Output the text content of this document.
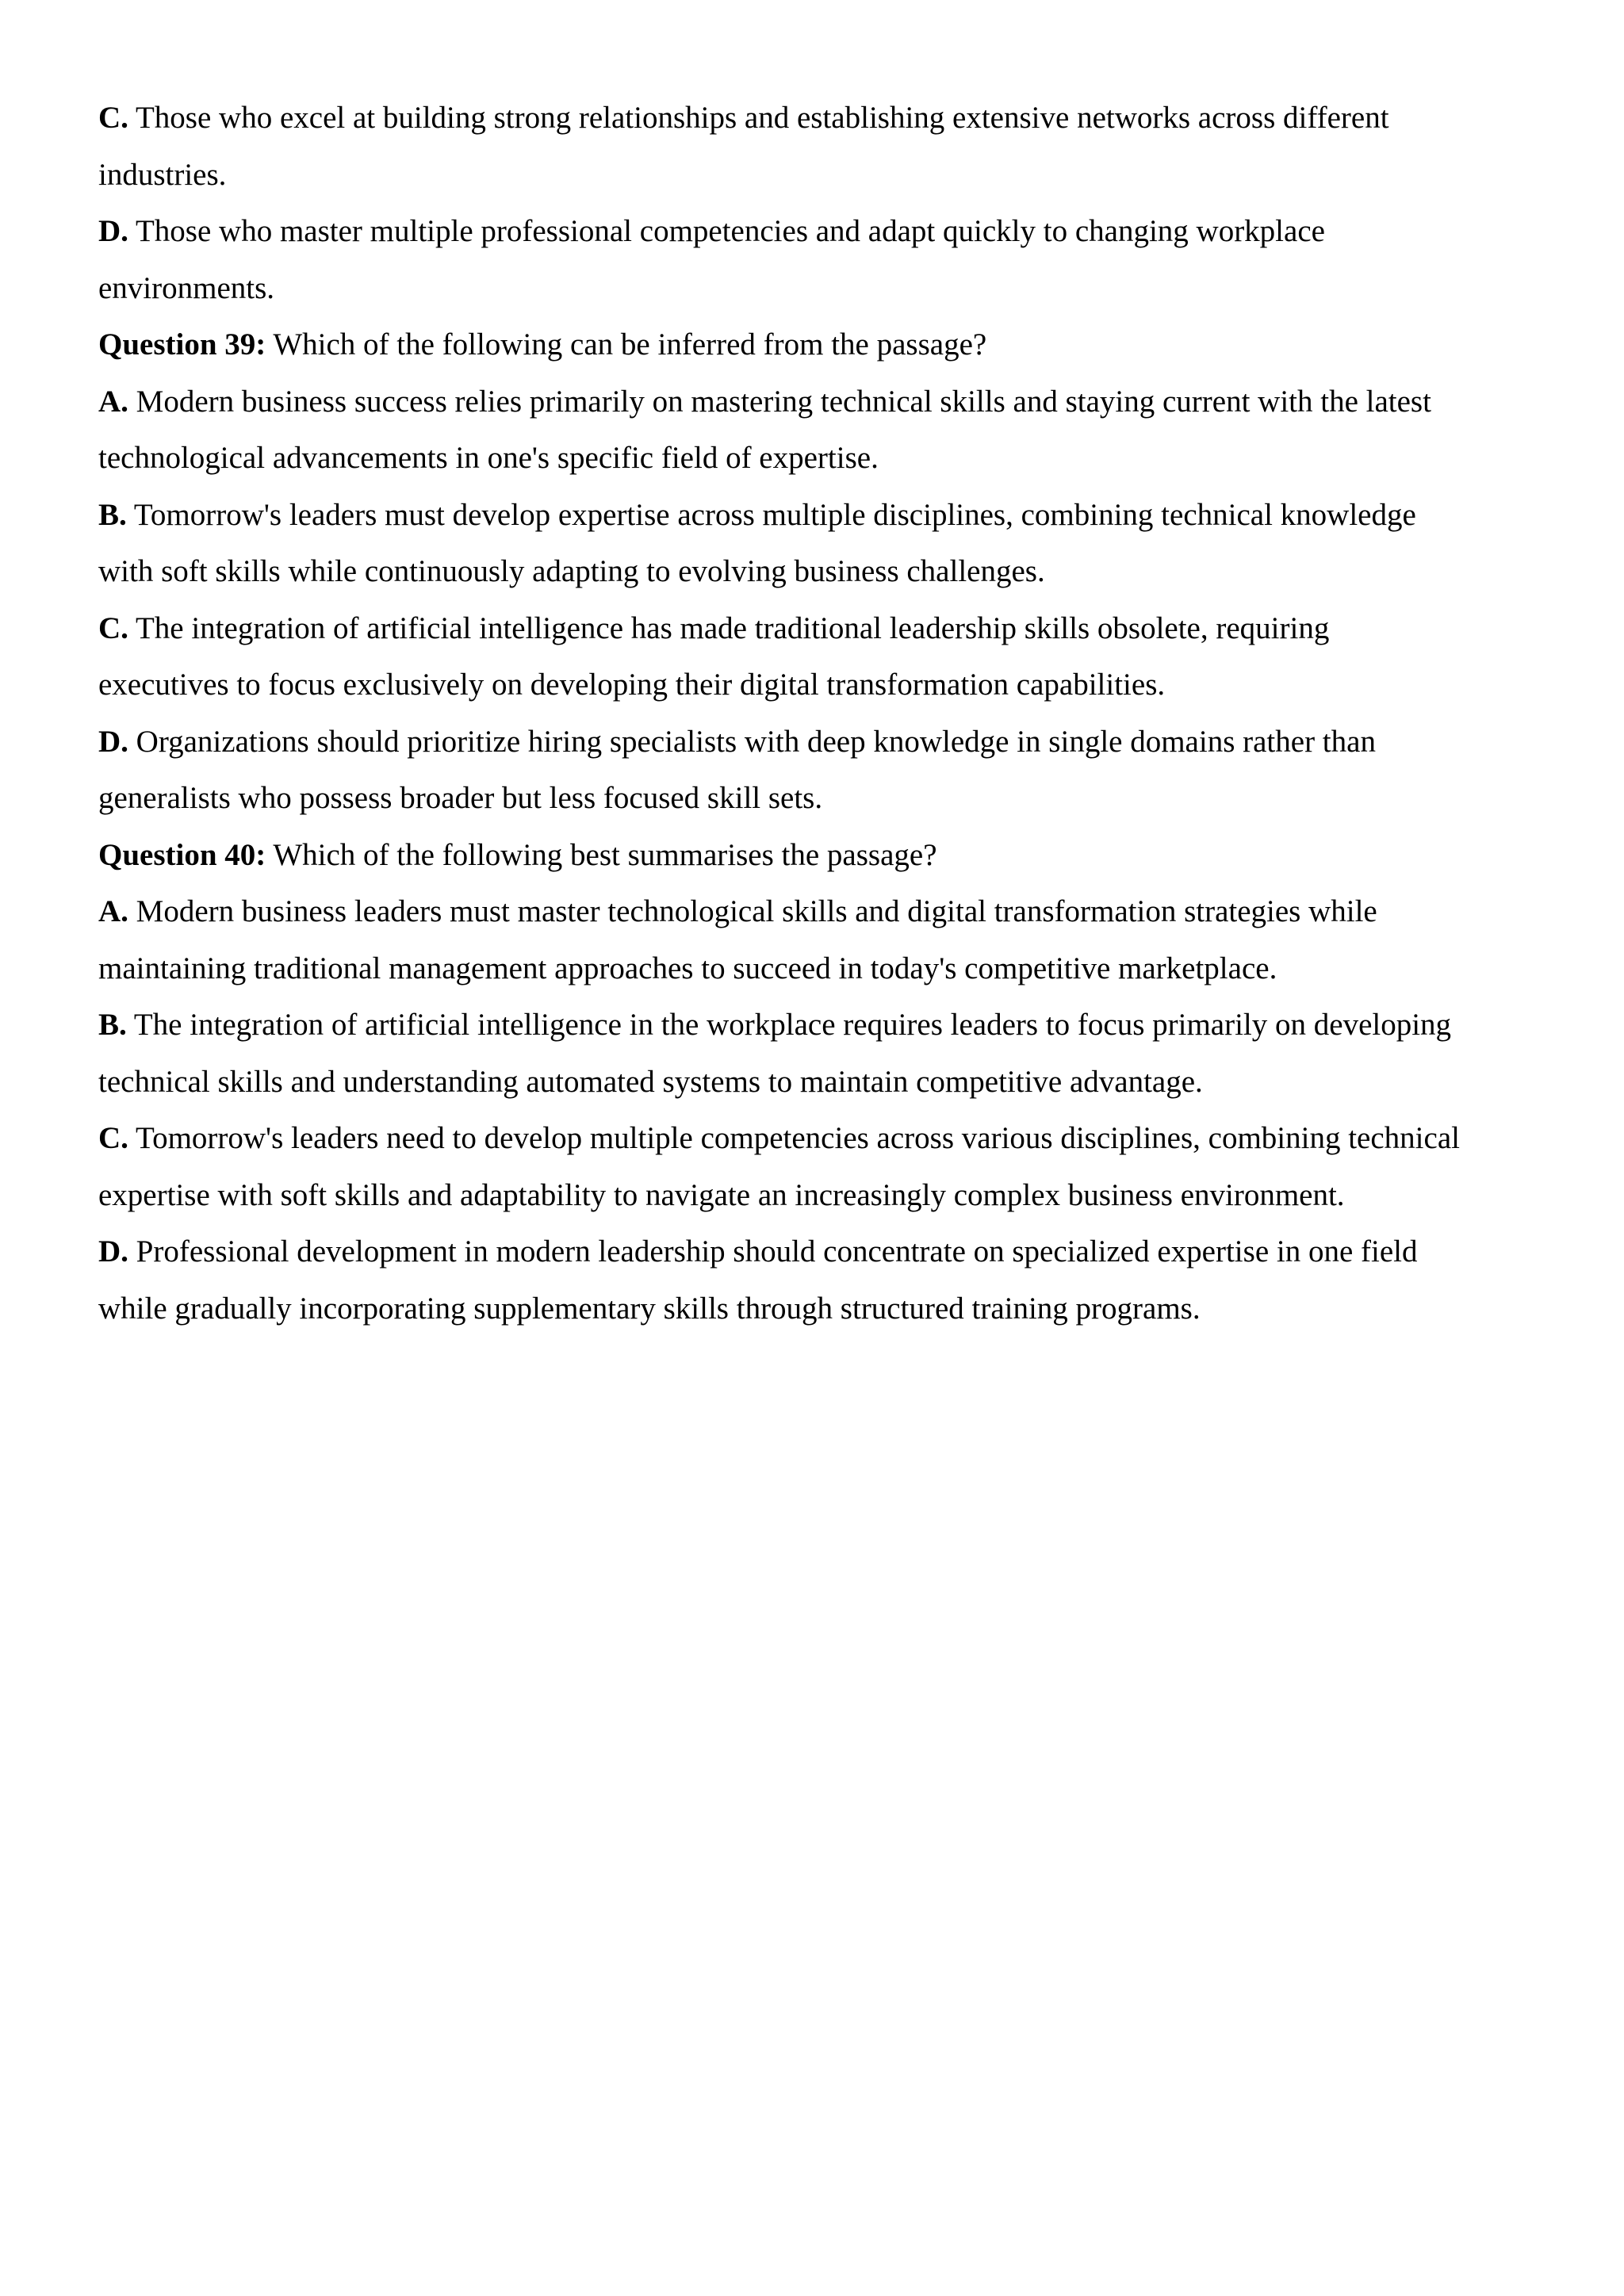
C. Those who excel at building strong relationships and establishing extensive networks across different

industries.

D. Those who master multiple professional competencies and adapt quickly to changing workplace

environments.

Question 39: Which of the following can be inferred from the passage?

A. Modern business success relies primarily on mastering technical skills and staying current with the latest

technological advancements in one's specific field of expertise.

B. Tomorrow's leaders must develop expertise across multiple disciplines, combining technical knowledge

with soft skills while continuously adapting to evolving business challenges.

C. The integration of artificial intelligence has made traditional leadership skills obsolete, requiring

executives to focus exclusively on developing their digital transformation capabilities.

D. Organizations should prioritize hiring specialists with deep knowledge in single domains rather than

generalists who possess broader but less focused skill sets.

Question 40: Which of the following best summarises the passage?

A. Modern business leaders must master technological skills and digital transformation strategies while

maintaining traditional management approaches to succeed in today's competitive marketplace.

B. The integration of artificial intelligence in the workplace requires leaders to focus primarily on developing

technical skills and understanding automated systems to maintain competitive advantage.

C. Tomorrow's leaders need to develop multiple competencies across various disciplines, combining technical

expertise with soft skills and adaptability to navigate an increasingly complex business environment.

D. Professional development in modern leadership should concentrate on specialized expertise in one field

while gradually incorporating supplementary skills through structured training programs.
